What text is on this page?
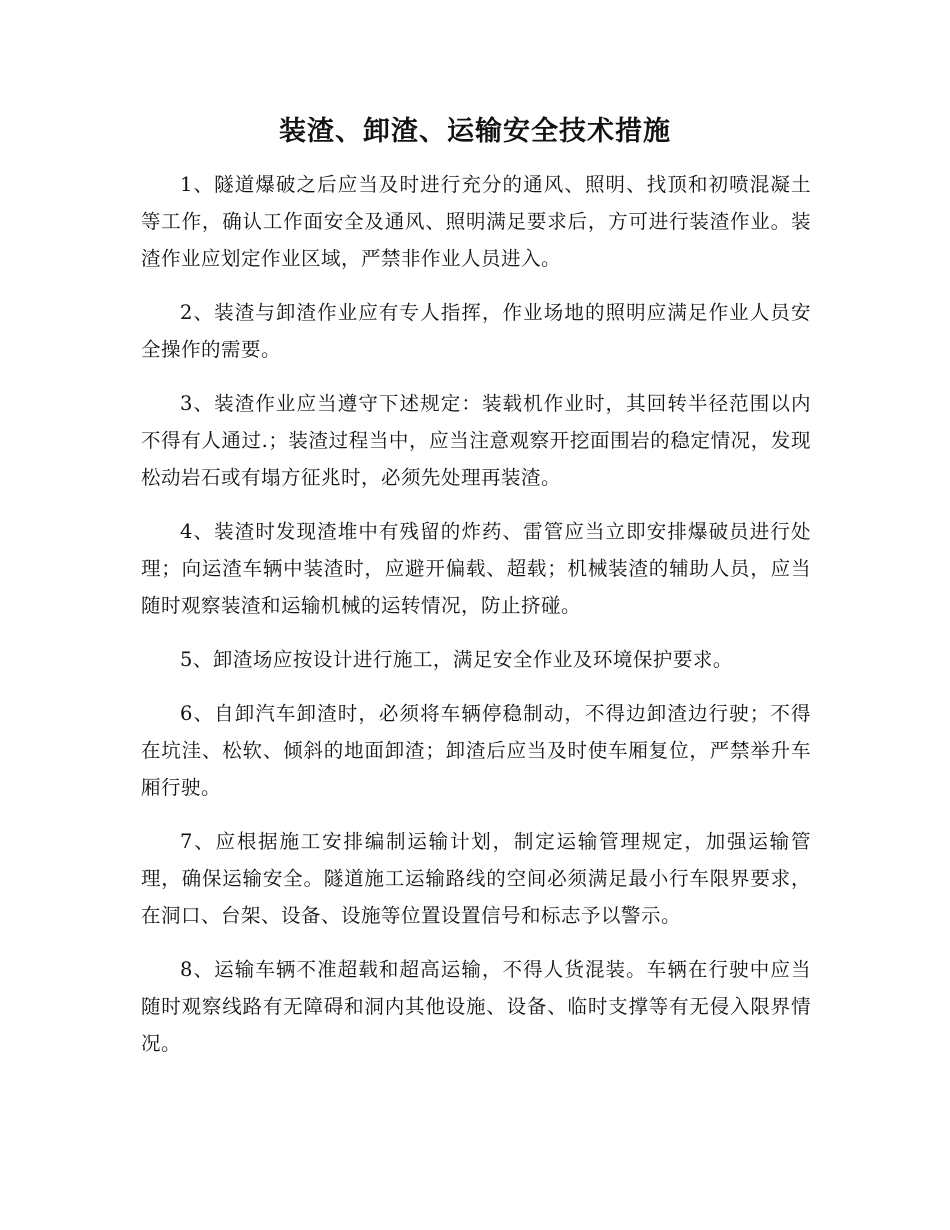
装渣、卸渣、运输安全技术措施

1、隧道爆破之后应当及时进行充分的通风、照明、找顶和初喷混凝土等工作，确认工作面安全及通风、照明满足要求后，方可进行装渣作业。装渣作业应划定作业区域，严禁非作业人员进入。

2、装渣与卸渣作业应有专人指挥，作业场地的照明应满足作业人员安全操作的需要。

3、装渣作业应当遵守下述规定：装载机作业时，其回转半径范围以内不得有人通过.；装渣过程当中，应当注意观察开挖面围岩的稳定情况，发现松动岩石或有塌方征兆时，必须先处理再装渣。

4、装渣时发现渣堆中有残留的炸药、雷管应当立即安排爆破员进行处理；向运渣车辆中装渣时，应避开偏载、超载；机械装渣的辅助人员，应当随时观察装渣和运输机械的运转情况，防止挤碰。

5、卸渣场应按设计进行施工，满足安全作业及环境保护要求。

6、自卸汽车卸渣时，必须将车辆停稳制动，不得边卸渣边行驶；不得在坑洼、松软、倾斜的地面卸渣；卸渣后应当及时使车厢复位，严禁举升车厢行驶。

7、应根据施工安排编制运输计划，制定运输管理规定，加强运输管理，确保运输安全。隧道施工运输路线的空间必须满足最小行车限界要求，在洞口、台架、设备、设施等位置设置信号和标志予以警示。

8、运输车辆不准超载和超高运输，不得人货混装。车辆在行驶中应当随时观察线路有无障碍和洞内其他设施、设备、临时支撑等有无侵入限界情况。
